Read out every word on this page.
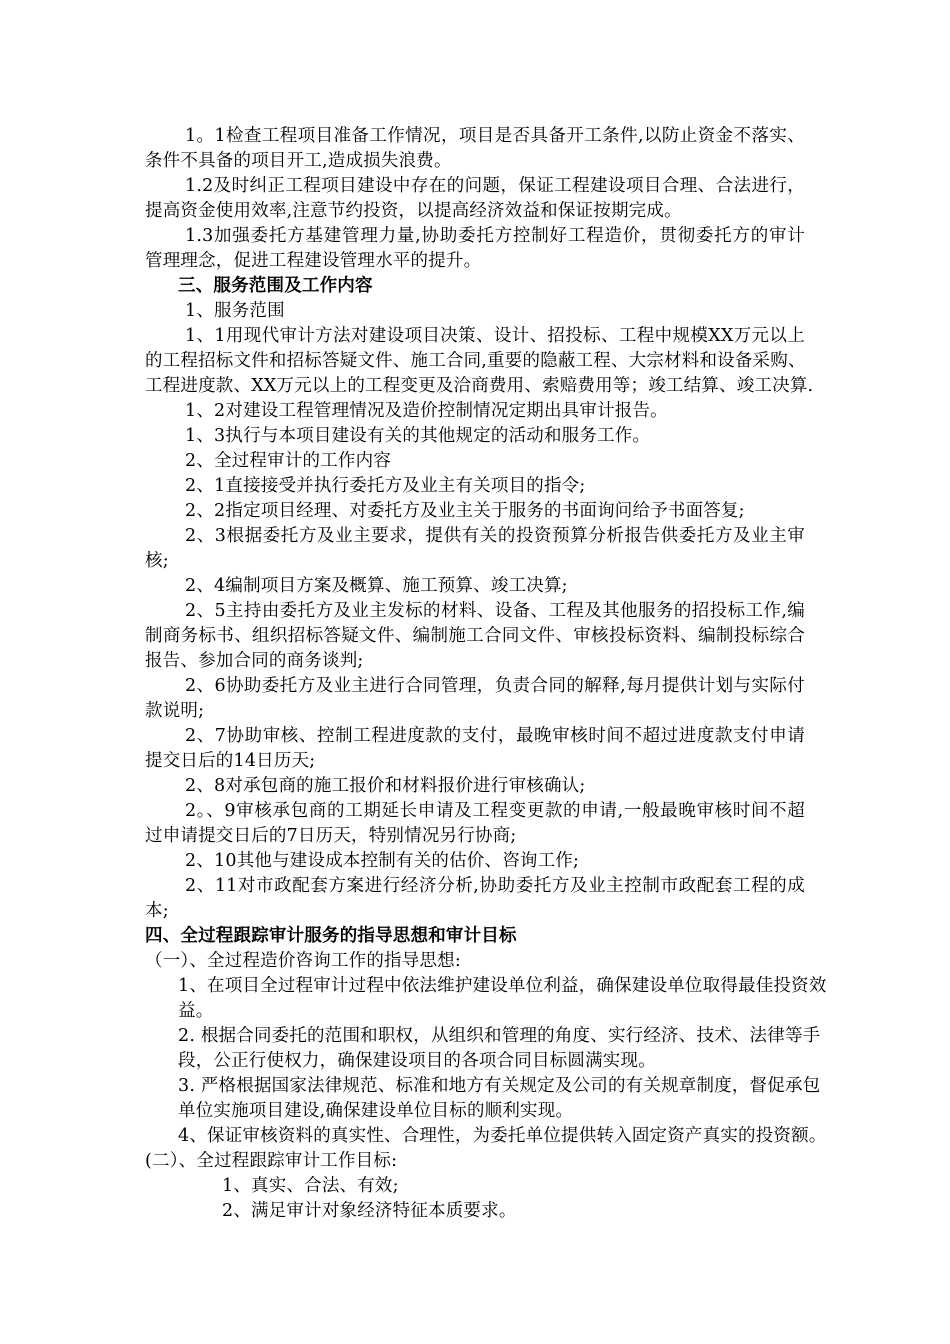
1。1检查工程项目准备工作情况，项目是否具备开工条件,以防止资金不落实、
条件不具备的项目开工,造成损失浪费。
1.2及时纠正工程项目建设中存在的问题，保证工程建设项目合理、合法进行，
提高资金使用效率,注意节约投资，以提高经济效益和保证按期完成。
1.3加强委托方基建管理力量,协助委托方控制好工程造价，贯彻委托方的审计
管理理念，促进工程建设管理水平的提升。
三、服务范围及工作内容
1、服务范围
1、1用现代审计方法对建设项目决策、设计、招投标、工程中规模XX万元以上
的工程招标文件和招标答疑文件、施工合同,重要的隐蔽工程、大宗材料和设备采购、
工程进度款、XX万元以上的工程变更及洽商费用、索赔费用等；竣工结算、竣工决算.
1、2对建设工程管理情况及造价控制情况定期出具审计报告。
1、3执行与本项目建设有关的其他规定的活动和服务工作。
2、全过程审计的工作内容
2、1直接接受并执行委托方及业主有关项目的指令;
2、2指定项目经理、对委托方及业主关于服务的书面询问给予书面答复;
2、3根据委托方及业主要求，提供有关的投资预算分析报告供委托方及业主审
核;
2、4编制项目方案及概算、施工预算、竣工决算;
2、5主持由委托方及业主发标的材料、设备、工程及其他服务的招投标工作,编
制商务标书、组织招标答疑文件、编制施工合同文件、审核投标资料、编制投标综合
报告、参加合同的商务谈判;
2、6协助委托方及业主进行合同管理，负责合同的解释,每月提供计划与实际付
款说明;
2、7协助审核、控制工程进度款的支付，最晚审核时间不超过进度款支付申请
提交日后的14日历天;
2、8对承包商的施工报价和材料报价进行审核确认;
2。、9审核承包商的工期延长申请及工程变更款的申请,一般最晚审核时间不超
过申请提交日后的7日历天，特别情况另行协商;
2、10其他与建设成本控制有关的估价、咨询工作;
2、11对市政配套方案进行经济分析,协助委托方及业主控制市政配套工程的成
本;
四、全过程跟踪审计服务的指导思想和审计目标
（一）、全过程造价咨询工作的指导思想:
1、在项目全过程审计过程中依法维护建设单位利益，确保建设单位取得最佳投资效
益。
2. 根据合同委托的范围和职权，从组织和管理的角度、实行经济、技术、法律等手
段，公正行使权力，确保建设项目的各项合同目标圆满实现。
3. 严格根据国家法律规范、标准和地方有关规定及公司的有关规章制度，督促承包
单位实施项目建设,确保建设单位目标的顺利实现。
4、保证审核资料的真实性、合理性，为委托单位提供转入固定资产真实的投资额。
(二）、全过程跟踪审计工作目标:
1、真实、合法、有效;
2、满足审计对象经济特征本质要求。
